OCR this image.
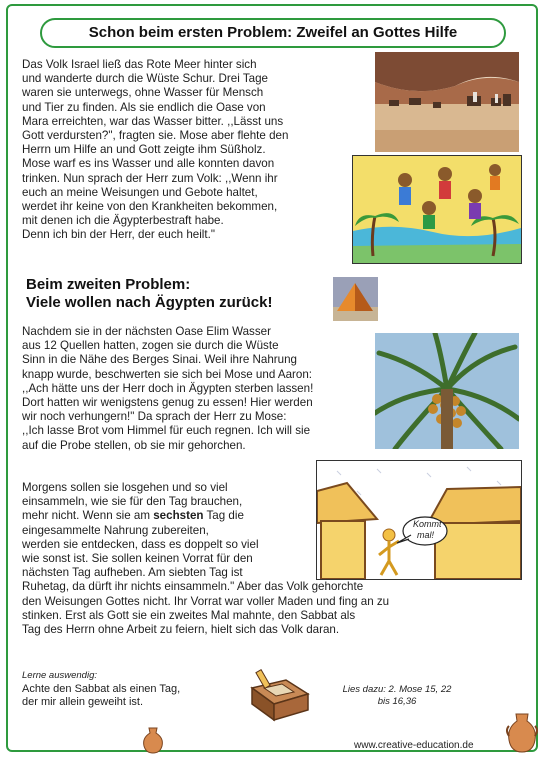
Schon beim ersten Problem: Zweifel an Gottes Hilfe
Das Volk Israel ließ das Rote Meer hinter sich
und wanderte durch die Wüste Schur. Drei Tage
waren sie unterwegs, ohne Wasser für Mensch
und Tier zu finden. Als sie endlich die Oase von
Mara erreichten, war das Wasser bitter. ,,Lässt uns
Gott verdursten?", fragten sie. Mose aber flehte den
Herrn um Hilfe an und Gott zeigte ihm Süßholz.
Mose warf es ins Wasser und alle konnten davon
trinken. Nun sprach der Herr zum Volk: ,,Wenn ihr
euch an meine Weisungen und Gebote haltet,
werdet ihr keine von den Krankheiten bekommen,
mit denen ich die Ägypterbestraft habe.
Denn ich bin der Herr, der euch heilt."
Beim zweiten Problem:
Viele wollen nach Ägypten zurück!
Nachdem sie in der nächsten Oase Elim Wasser
aus 12 Quellen hatten, zogen sie durch die Wüste
Sinn in die Nähe des Berges Sinai. Weil ihre Nahrung
knapp wurde, beschwerten sie sich bei Mose und Aaron:
,,Ach hätte uns der Herr doch in Ägypten sterben lassen!
Dort hatten wir wenigstens genug zu essen! Hier werden
wir noch verhungern!" Da sprach der Herr zu Mose:
,,Ich lasse Brot vom Himmel für euch regnen. Ich will sie
auf die Probe stellen, ob sie mir gehorchen.
Morgens sollen sie losgehen und so viel
einsammeln, wie sie für den Tag brauchen,
mehr nicht. Wenn sie am sechsten Tag die
eingesammelte Nahrung zubereiten,
werden sie entdecken, dass es doppelt so viel
wie sonst ist. Sie sollen keinen Vorrat für den
nächsten Tag aufheben. Am siebten Tag ist
Ruhetag, da dürft ihr nichts einsammeln." Aber das Volk gehorchte
den Weisungen Gottes nicht. Ihr Vorrat war voller Maden und fing an zu
stinken. Erst als Gott sie ein zweites Mal mahnte, den Sabbat als
Tag des Herrn ohne Arbeit zu feiern, hielt sich das Volk daran.
Kommt
mal!
Lerne auswendig:
Achte den Sabbat als einen Tag,
der mir allein geweiht ist.
Lies dazu: 2. Mose 15, 22
bis 16,36
www.creative-education.de
